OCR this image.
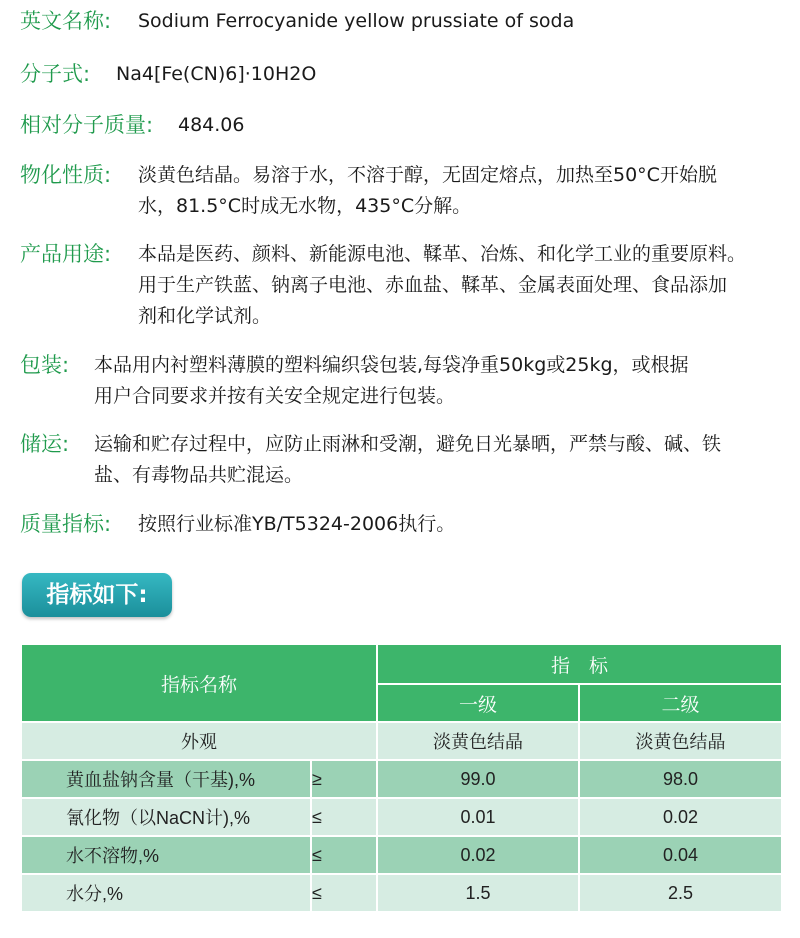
英文名称: Sodium Ferrocyanide yellow prussiate of soda
分子式: Na4[Fe(CN)6]·10H2O
相对分子质量: 484.06
物化性质: 淡黄色结晶。易溶于水，不溶于醇，无固定熔点，加热至50°C开始脱
水，81.5°C时成无水物，435°C分解。
产品用途: 本品是医药、颜料、新能源电池、鞣革、冶炼、和化学工业的重要原料。
用于生产铁蓝、钠离子电池、赤血盐、鞣革、金属表面处理、食品添加
剂和化学试剂。
包装: 本品用内衬塑料薄膜的塑料编织袋包装,每袋净重50kg或25kg，或根据
用户合同要求并按有关安全规定进行包装。
储运: 运输和贮存过程中，应防止雨淋和受潮，避免日光暴晒，严禁与酸、碱、铁
盐、有毒物品共贮混运。
质量指标: 按照行业标准YB/T5324-2006执行。
指标如下:
指标名称		指　标	
		一级	二级
外观		淡黄色结晶	淡黄色结晶
黄血盐钠含量（干基),%	≥	99.0	98.0
氰化物（以NaCN计),%	≤	0.01	0.02
水不溶物,%	≤	0.02	0.04
水分,%	≤	1.5	2.5
